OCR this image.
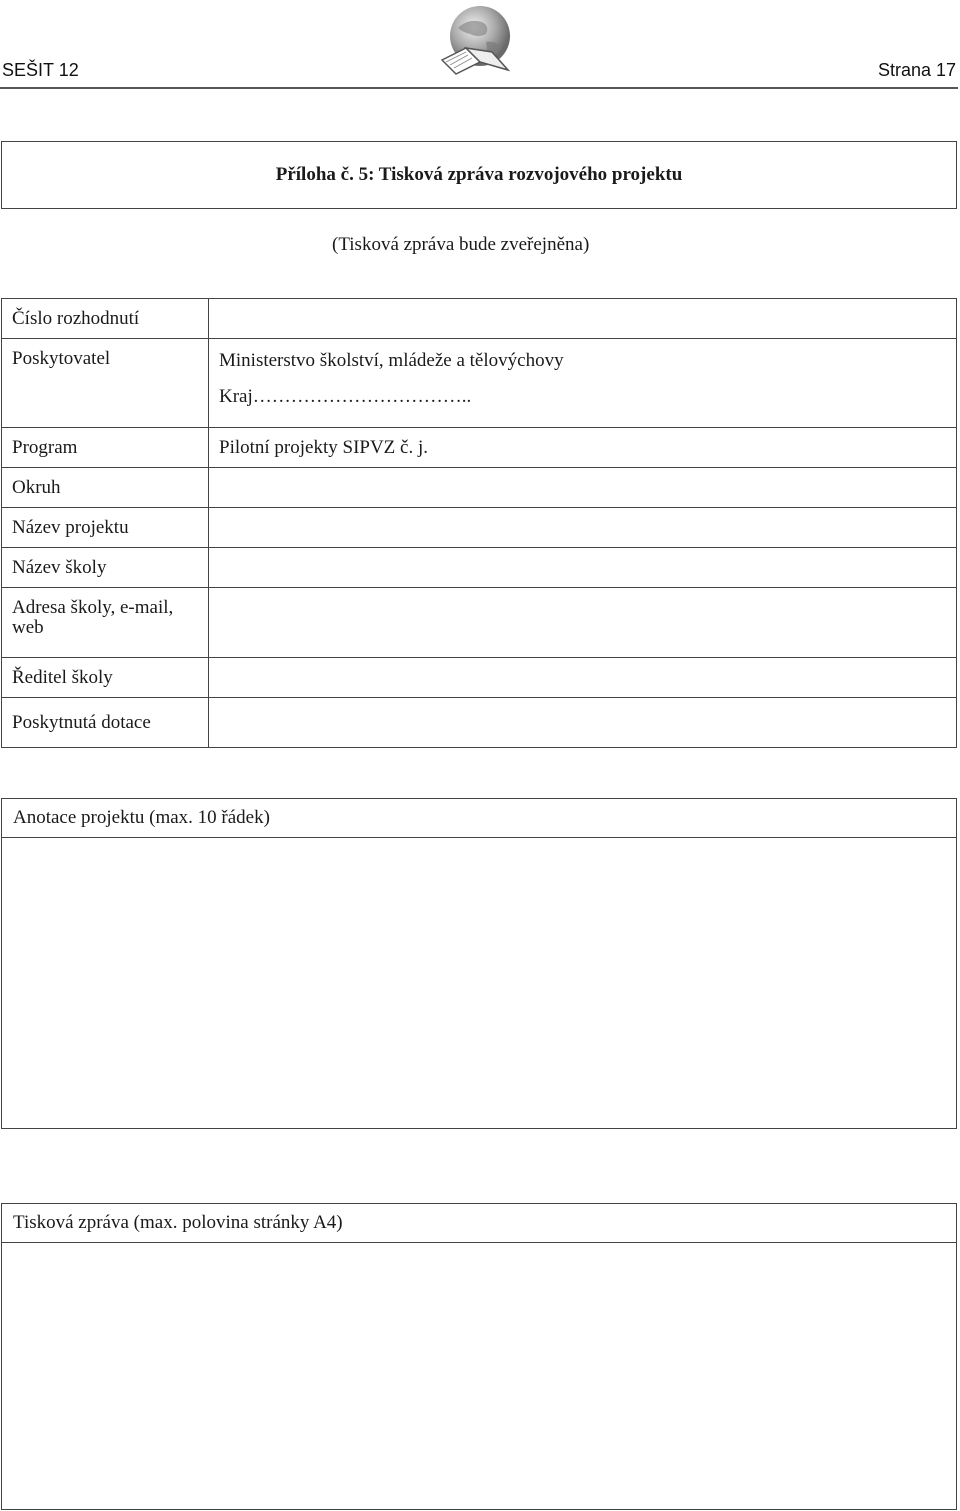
SEŠIT 12	Strana 17
Příloha č. 5: Tisková zpráva rozvojového projektu
(Tisková zpráva bude zveřejněna)
Číslo rozhodnutí	

Poskytovatel	Ministerstvo školství, mládeže a tělovýchovy
Kraj……………………………..

Program	Pilotní projekty SIPVZ č. j.

Okruh	

Název projektu	

Název školy	

Adresa školy, e-mail, web	

Ředitel školy	

Poskytnutá dotace	

Anotace projektu (max. 10 řádek)
Tisková zpráva (max. polovina stránky A4)
